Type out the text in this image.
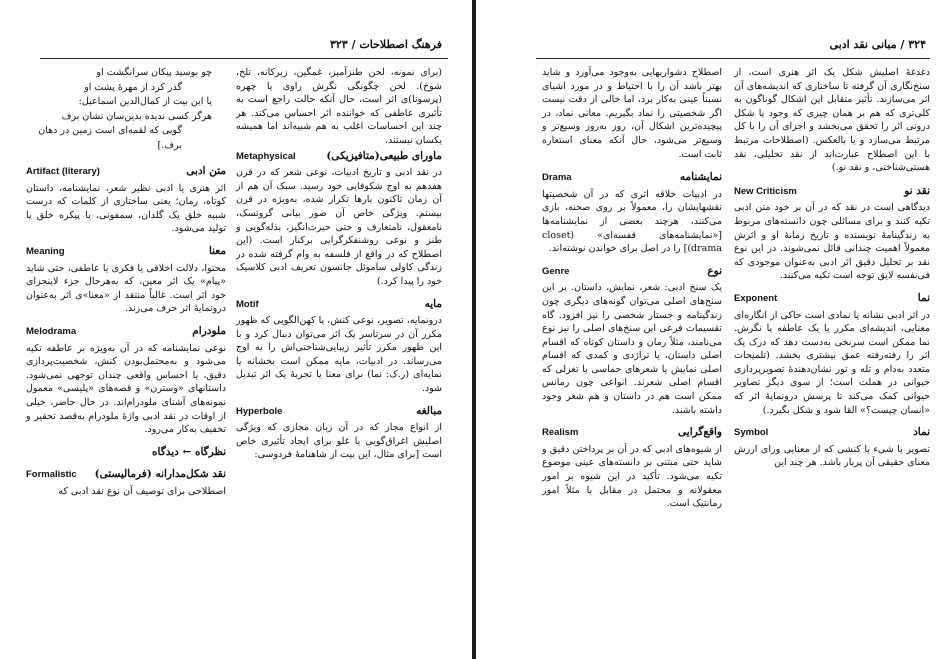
فرهنگ اصطلاحات / ۳۲۳

(برای نمونه، لحن طنزآمیز، غمگین، زیرکانه، تلخ، شوخ). لحن چگونگی نگرش راوی یا چهره (پرسونا)ی اثر است، حال آنکه حالت راجع است به تأثیری عاطفی که خواننده اثر احساس می‌کند. هر چند این احساسات اغلب به هم شبیه‌اند اما همیشه یکسان نیستند.

ماورای طبیعی(متافیزیکی)
Metaphysical

در نقد ادبی و تاریخ ادبیات، نوعی شعر که در قرن هفدهم به اوج شکوفایی خود رسید. سبک آن هم از آن زمان تاکنون بارها تکرار شده، به‌ویژه در قرن بیستم. ویژگی خاص آن صور بیانی گروتسک، نامعقول، نامتعارف و حتی حیرت‌انگیز، بذله‌گویی و طنز و نوعی روشنفکرگرایی برکنار است. (این اصطلاح که در واقع از فلسفه به وام گرفته شده در زندگی کاولی ساموئل جانسون تعریف ادبی کلاسیک خود را پیدا کرد.)

مایه
Motif

درونمایه، تصویر، نوعی کنش، یا کهن‌الگویی که ظهور مکرر آن در سرتاسر یک اثر می‌توان دنبال کرد و با این ظهور مکرر تأثیر زیبایی‌شناختی‌اش را به اوج می‌رساند. در ادبیات، مایه ممکن است بخشانه یا نمایه‌ای (ر.ک: نما) برای معنا یا تجربهٔ یک اثر تبدیل شود.

مبالغه
Hyperbole

از انواع مجاز که در آن زبان مجازی که ویژگی اصلیش اغراق‌گویی یا غلو برای ایجاد تأثیری خاص است [برای مثال، این بیت از شاهنامهٔ فردوسی:

چو بوسید پیکان سرانگشت او
گذر کرد از مهرهٔ پشت او
یا این بیت از کمال‌الدین اسماعیل:
هرگز کسی ندیده بدین‌سان نشان برف
گویی که لقمه‌ای است زمین در دهان برف.]
متن ادبی
Artifact (literary)

اثر هنری یا ادبی نظیر شعر، نمایشنامه، داستان کوتاه، رمان؛ یعنی ساختاری از کلمات که درست شبیه خلق یک گلدان، سمفونی، یا پیکره خلق یا تولید می‌شود.

معنا
Meaning

محتوا، دلالت اخلاقی یا فکری یا عاطفی، حتی شاید «پیام» یک اثر معین، که به‌هرحال جزء لاینجزای خود اثر است. غالباً منتقد از «معنا»ی اثر به‌عنوان درونمایهٔ اثر حرف می‌زند.

ملودرام
Melodrama

نوعی نمایشنامه که در آن به‌ویژه بر عاطفه تکیه می‌شود و به‌محتمل‌بودن کنش، شخصیت‌پردازی دقیق، یا احساس واقعی چندان توجهی نمی‌شود. داستانهای «وسترن» و قصه‌های «پلیسی» معمول نمونه‌های آشنای ملودرام‌اند. در حال حاضر، خیلی از اوقات در نقد ادبی واژهٔ ملودرام به‌قصد تحقیر و تخفیف به‌کار می‌رود.

نظرگاه ← دیدگاه
نقد شکل‌مدارانه (فرمالیستی)
Formalistic

اصطلاحی برای توصیف آن نوع نقد ادبی که

۳۲۴ / مبانی نقد ادبی

دغدغهٔ اصلیش شکل یک اثر هنری است، از سنخ‌نگاری آن گرفته تا ساختاری که اندیشه‌های آن اثر می‌سازند. تأثیر متقابل این اشکال گوناگون به کلی‌تری که هم بر همان چیزی که وجود یا شکل درونی اثر را تحقق می‌بخشد و اجزای آن را با کل مرتبط می‌سازد و یا بالعکس. (اصطلاحات مرتبط با این اصطلاح عبارت‌اند از نقد تحلیلی، نقد هستی‌شناختی، و نقد نو.)

نقد نو
New Criticism

دیدگاهی است در نقد که در آن بر خود متن ادبی تکیه کنند و برای مسائلی چون دانسته‌های مربوط به زندگینامهٔ نویسنده و تاریخ زمانهٔ او و اثرش معمولاً اهمیت چندانی قائل نمی‌شوند. در این نوع نقد بر تحلیل دقیق اثر ادبی به‌عنوان موجودی که فی‌نفسه لایق توجه است تکیه می‌کنند.

نما
Exponent

در اثر ادبی نشانه یا نمادی است حاکی از انگاره‌ای معنایی، اندیشه‌ای مکرر یا یک عاطفه یا نگرش. نما ممکن است سرنخی به‌دست دهد که درک یک اثر را رفته‌رفته عمق بیشتری بخشد. (تلمیحات متعدد به‌دام و تله و تور نشان‌دهندهٔ تصویرپردازی حیوانی در هملت است؛ از سوی دیگر تصاویر حیوانی کمک می‌کند تا پرسش درونمایهٔ اثر که «انسان چیست؟» القا شود و شکل بگیرد.)

نماد
Symbol

تصویر یا شیء یا کنشی که از معنایی ورای ارزش معنای حقیقی آن پربار باشد. هر چند این

اصطلاح دشواریهایی به‌وجود می‌آورد و شاید بهتر باشد آن را با احتیاط و در مورد اشیای نسبتاً عینی به‌کار برد، اما خالی از دقت نیست اگر شخصیتی را نماد بگیریم. معانی نماد، در پیچیده‌ترین اشکال آن، روز به‌روز وسیع‌تر و وسیع‌تر می‌شود، حال آنکه معنای استعاره ثابت است.

نمایشنامه
Drama

در ادبیات خلاقه اثری که در آن شخصیتها نقشهایشان را، معمولاً بر روی صحنه، بازی می‌کنند، هرچند بعضی از نمایشنامه‌ها [«نمایشنامه‌های قفسه‌ای» (closet drama)] را در اصل برای خواندن نوشته‌اند.

نوع
Genre

یک سنخ ادبی: شعر، نمایش، داستان. بر این سنخ‌های اصلی می‌توان گونه‌های دیگری چون زندگینامه و جستار شخصی را نیز افزود. گاه تقسیمات فرعی این سنخ‌های اصلی را نیز نوع می‌نامند، مثلاً رمان و داستان کوتاه که اقسام اصلی داستان، یا تراژدی و کمدی که اقسام اصلی نمایش یا شعرهای حماسی یا تغزلی که اقسام اصلی شعرند. انواعی چون رمانس ممکن است هم در داستان و هم شعر وجود داشته باشند.

واقع‌گرایی
Realism

از شیوه‌های ادبی که در آن بر پرداختن دقیق و شاید حتی مبتنی بر دانسته‌های عینی موضوع تکیه می‌شود. تأکید در این شیوه بر امور معقولانه و محتمل در مقابل با مثلاً امور رمانتیک است.
